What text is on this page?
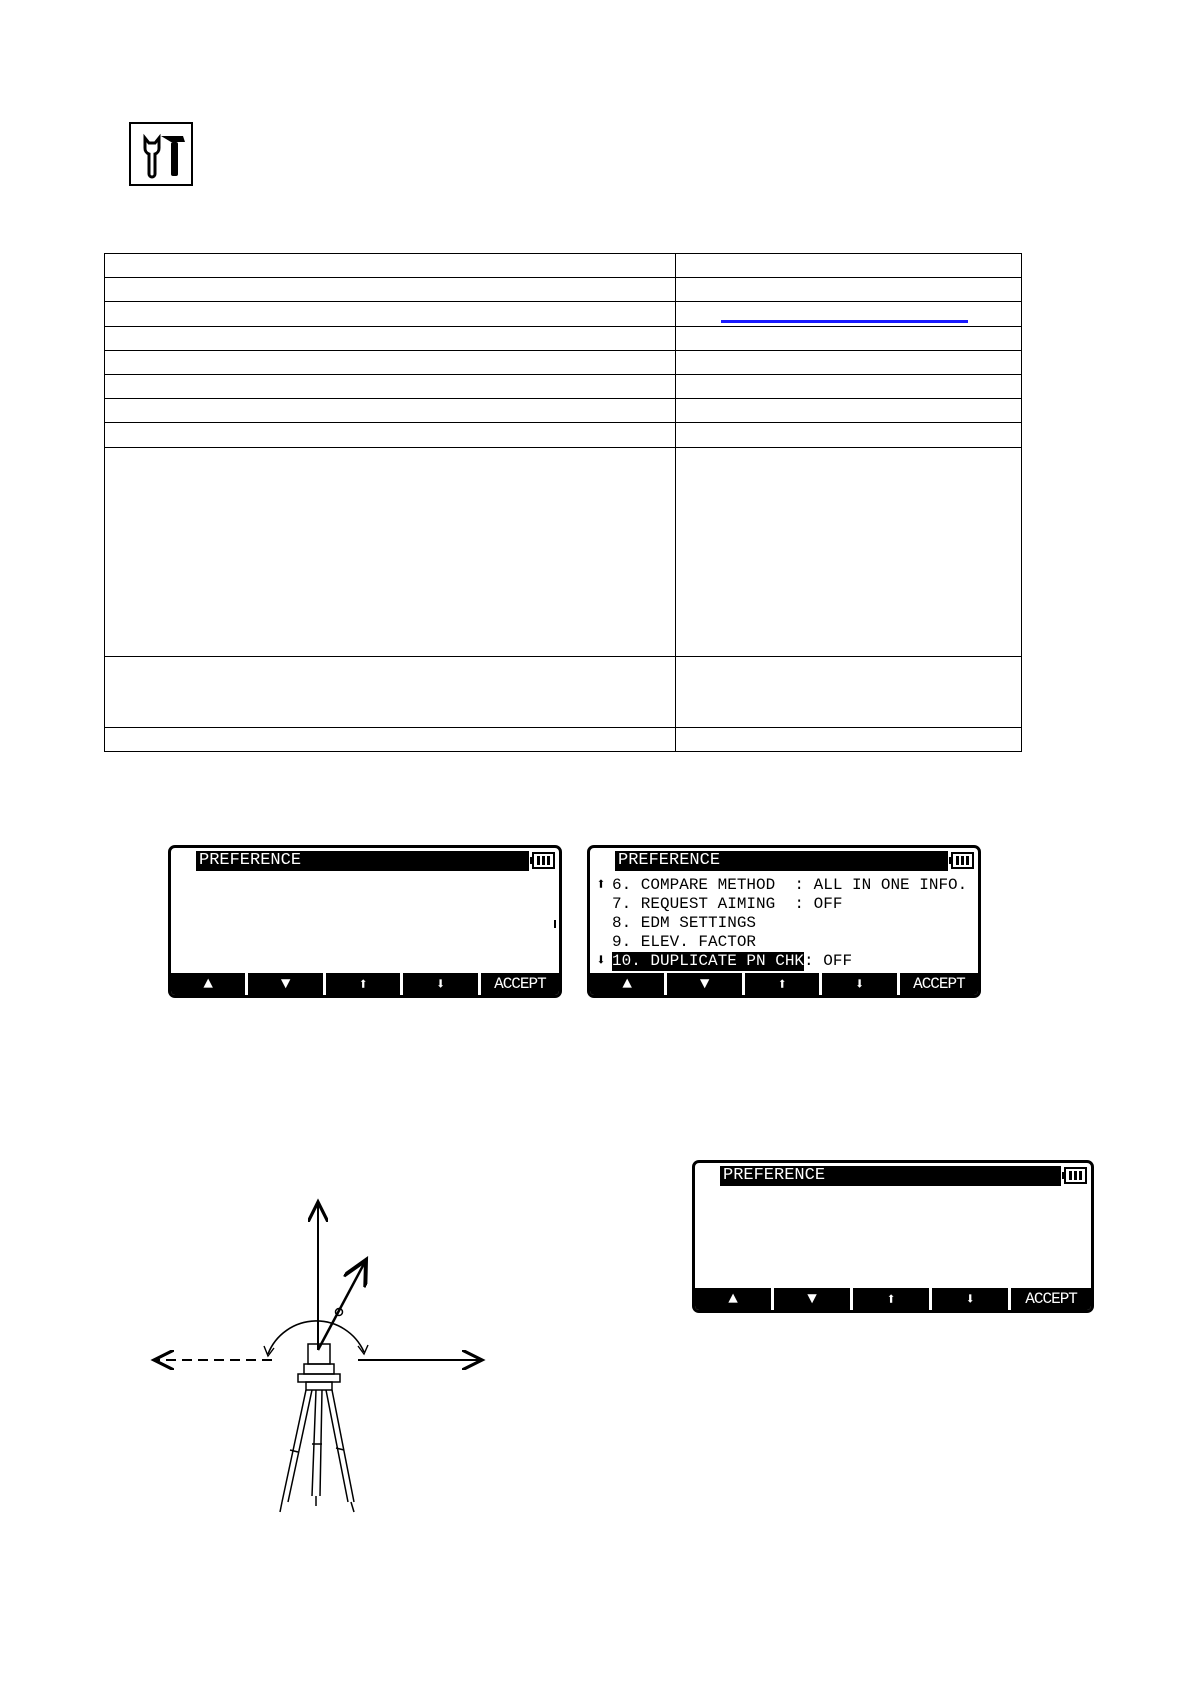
PREFERENCE
▲	▼	⬆	⬇	ACCEPT
PREFERENCE
⬆ 6. COMPARE METHOD  : ALL IN ONE INFO.
7. REQUEST AIMING  : OFF
8. EDM SETTINGS
9. ELEV. FACTOR
⬇ 10. DUPLICATE PN CHK : OFF
▲	▼	⬆	⬇	ACCEPT
PREFERENCE
▲	▼	⬆	⬇	ACCEPT
